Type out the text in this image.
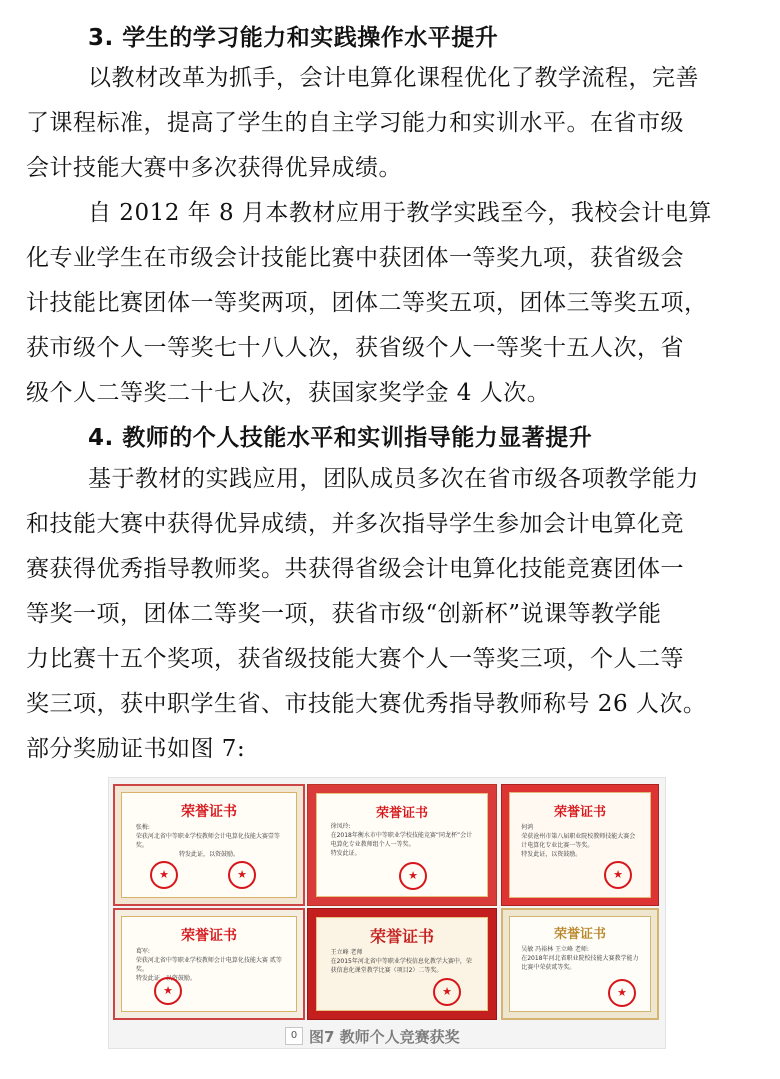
3. 学生的学习能力和实践操作水平提升
以教材改革为抓手，会计电算化课程优化了教学流程，完善
了课程标准，提高了学生的自主学习能力和实训水平。在省市级
会计技能大赛中多次获得优异成绩。
自 2012 年 8 月本教材应用于教学实践至今，我校会计电算
化专业学生在市级会计技能比赛中获团体一等奖九项，获省级会
计技能比赛团体一等奖两项，团体二等奖五项，团体三等奖五项，
获市级个人一等奖七十八人次，获省级个人一等奖十五人次，省
级个人二等奖二十七人次，获国家奖学金 4 人次。
4. 教师的个人技能水平和实训指导能力显著提升
基于教材的实践应用，团队成员多次在省市级各项教学能力
和技能大赛中获得优异成绩，并多次指导学生参加会计电算化竞
赛获得优秀指导教师奖。共获得省级会计电算化技能竞赛团体一
等奖一项，团体二等奖一项，获省市级“创新杯”说课等教学能
力比赛十五个奖项，获省级技能大赛个人一等奖三项，个人二等
奖三项，获中职学生省、市技能大赛优秀指导教师称号 26 人次。
部分奖励证书如图 7:
荣誉证书
张梅:
荣获河北省中等职业学校教师会计电算化技能大赛壹等奖。
特发此证，以资鼓励。
★
★
荣誉证书
徐凤玲:
在2018年衡水市中等职业学校技能竞赛“同龙杯”会计电算化专业教师组个人一等奖。
特发此证。
★
荣誉证书
何鸿
荣获沧州市第八届职业院校教师技能大赛会计电算化专业比赛一等奖。
特发此证，以资鼓励。
★
荣誉证书
葛军:
荣获河北省中等职业学校教师会计电算化技能大赛 贰等奖。
特发此证，以资鼓励。
★
荣誉证书
王立峰 老师
在2015年河北省中等职业学校信息化教学大赛中，荣获信息化课堂教学比赛（项目2）二等奖。
★
荣誉证书
吴敏 冯裕林 王立峰 老师:
在2018年河北省职业院校技能大赛教学能力比赛中荣获贰等奖。
★
0 图7 教师个人竞赛获奖
